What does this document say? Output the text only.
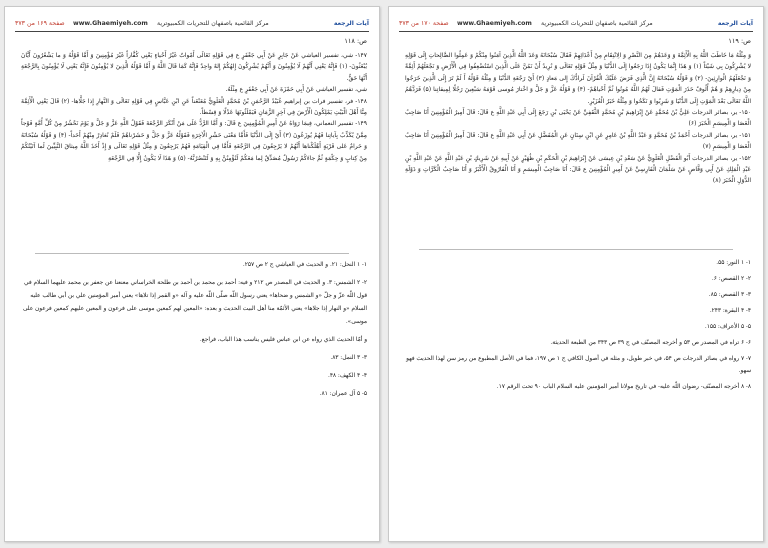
صفحة ۱۶۹ من ۳۷۳ www.Ghaemiyeh.com مركز القائمية باصفهان للتحريات الكمبيوترية	آيات الرجعة
ص: ۱۱۸

۱۴۷- شي، تفسير العياشي عَنْ جَابِرٍ عَنْ أَبِي جَعْفَرٍ ع فِي قَوْلِهِ تَعَالَى أَمْواتٌ غَيْرُ أَحْياءٍ يَعْنِي كُفَّاراً غَيْرَ مُؤْمِنِينَ وَ أَمَّا قَوْلُهُ وَ ما يَشْعُرُونَ أَيَّانَ يُبْعَثُونَ- (۱) فَإِنَّهُ يَعْنِي أَنَّهُمْ لَا يُؤْمِنُونَ وَ أَنَّهُمْ يُشْرِكُونَ إِلهُكُمْ إِلهٌ واحِدٌ فَإِنَّهُ كَمَا قَالَ اللَّهُ وَ أَمَّا قَوْلُهُ الَّذِينَ لا يُؤْمِنُونَ فَإِنَّهُ يَعْنِي لَا يُؤْمِنُونَ بِالرَّجْعَةِ أَنَّهَا حَقٌّ.

شي، تفسير العياشي عَنْ أَبِي حَمْزَةَ عَنْ أَبِي جَعْفَرٍ ع مِثْلَهُ.

۱۴۸- فر، تفسير فرات بن إبراهيم عُبَيْدُ الرَّحْمَنِ بْنُ مُحَمَّدٍ الْعَلَوِيُّ مُعَنْعَناً عَنِ ابْنِ عَبَّاسٍ فِي قَوْلِهِ تَعَالَى وَ النَّهارِ إِذا جَلَّاها- (۲) قَالَ يَعْنِي الْأَئِمَّةَ مِنَّا أَهْلَ الْبَيْتِ يَمْلِكُونَ الْأَرْضَ فِي آخِرِ الزَّمَانِ فَيَمْلَئُونَهَا عَدْلًا وَ قِسْطاً.

۱۴۹- تفسير النعماني، فِيمَا رَوَاهُ عَنْ أَمِيرِ الْمُؤْمِنِينَ ع قَالَ: وَ أَمَّا الرَّدُّ عَلَى مَنْ أَنْكَرَ الرَّجْعَةَ فَقَوْلُ اللَّهِ عَزَّ وَ جَلَّ وَ يَوْمَ نَحْشُرُ مِنْ كُلِّ أُمَّةٍ فَوْجاً مِمَّنْ يُكَذِّبُ بِآياتِنا فَهُمْ يُوزَعُونَ (۳) أَيْ إِلَى الدُّنْيَا فَأَمَّا مَعْنَى حَشْرِ الْآخِرَةِ فَقَوْلُهُ عَزَّ وَ جَلَّ وَ حَشَرْناهُمْ فَلَمْ نُغادِرْ مِنْهُمْ أَحَداً- (۴) وَ قَوْلُهُ سُبْحَانَهُ وَ حَرامٌ عَلى قَرْيَةٍ أَهْلَكْناها أَنَّهُمْ لا يَرْجِعُونَ فِي الرَّجْعَةِ فَأَمَّا فِي الْقِيَامَةِ فَهُمْ يَرْجِعُونَ وَ مِثْلُ قَوْلِهِ تَعَالَى وَ إِذْ أَخَذَ اللَّهُ مِيثاقَ النَّبِيِّينَ لَما آتَيْتُكُمْ مِنْ كِتابٍ وَ حِكْمَةٍ ثُمَّ جاءَكُمْ رَسُولٌ مُصَدِّقٌ لِما مَعَكُمْ لَتُؤْمِنُنَّ بِهِ وَ لَتَنْصُرُنَّهُ- (۵) وَ هَذَا لَا يَكُونُ إِلَّا فِي الرَّجْعَةِ

۱- ۱ النحل: ۲۱. و الحديث في العياشي ج ۲ ص ۲۵۷.

۲- ۲ الشمس: ۳. و الحديث في المصدر ص ۲۱۲ و فيه: أحمد بن محمد بن أحمد بن طلحة الخراساني معنعنا عن جعفر بن محمد عليهما السلام في قول اللّه عزّ و جلّ «و الشمس و ضحاها» يعني رسول اللّه صلّى اللّه عليه و آله «و القمر إذا تلاها» يعني أمير المؤمنين علي بن أبي طالب عليه السلام «و النهار إذا جلاها» يعني الأئمّة منا أهل البيت الحديث و بعده: «المعين لهم كمعين موسى على فرعون و المعين عليهم كمعين فرعون على موسى».

و أمّا الحديث الذي رواه عن ابن عباس فليس يناسب هذا الباب، فراجع.

۳- ۳ النمل: ۸۳.

۴- ۴ الكهف: ۴۸.

۵- ۵ آل عمران: ۸۱.

صفحة ۱۷۰ من ۳۷۳ www.Ghaemiyeh.com مركز القائمية باصفهان للتحريات الكمبيوترية	آيات الرجعة
ص: ۱۱۹

وَ مِثْلُهُ مَا خَاطَبَ اللَّهُ بِهِ الْأَئِمَّةَ وَ وَعَدَهُمْ مِنَ النَّصْرِ وَ الِانْتِقَامِ مِنْ أَعْدَائِهِمْ فَقَالَ سُبْحَانَهُ وَعَدَ اللَّهُ الَّذِينَ آمَنُوا مِنْكُمْ وَ عَمِلُوا الصَّالِحاتِ إِلَى قَوْلِهِ لا يُشْرِكُونَ بِي شَيْئاً (۱) وَ هَذَا إِنَّمَا يَكُونُ إِذَا رَجَعُوا إِلَى الدُّنْيَا وَ مِثْلُ قَوْلِهِ تَعَالَى وَ نُرِيدُ أَنْ نَمُنَّ عَلَى الَّذِينَ اسْتُضْعِفُوا فِي الْأَرْضِ وَ نَجْعَلَهُمْ أَئِمَّةً وَ نَجْعَلَهُمُ الْوارِثِينَ- (۲) وَ قَوْلُهُ سُبْحَانَهُ إِنَّ الَّذِي فَرَضَ عَلَيْكَ الْقُرْآنَ لَرادُّكَ إِلى مَعادٍ (۳) أَيْ رَجْعَةِ الدُّنْيَا وَ مِثْلُهُ قَوْلُهُ أَ لَمْ تَرَ إِلَى الَّذِينَ خَرَجُوا مِنْ دِيارِهِمْ وَ هُمْ أُلُوفٌ حَذَرَ الْمَوْتِ فَقالَ لَهُمُ اللَّهُ مُوتُوا ثُمَّ أَحْياهُمْ- (۴) وَ قَوْلُهُ عَزَّ وَ جَلَّ وَ اخْتارَ مُوسى قَوْمَهُ سَبْعِينَ رَجُلًا لِمِيقاتِنا (۵) فَرَدَّهُمُ اللَّهُ تَعَالَى بَعْدَ الْمَوْتِ إِلَى الدُّنْيَا وَ شَرِبُوا وَ نَكَحُوا وَ مِثْلُهُ خَبَرُ الْعُزَيْرِ.

۱۵۰- ير، بصائر الدرجات عَلِيُّ بْنُ مُحَمَّدٍ عَنْ إِبْرَاهِيمَ بْنِ مُحَمَّدٍ الثَّقَفِيِّ عَنْ يَحْيَى بْنِ رَجَعَ إِلَى أَبِي عَبْدِ اللَّهِ ع قَالَ: قَالَ أَمِيرُ الْمُؤْمِنِينَ أَنَا صَاحِبُ الْعَصَا وَ الْمِيسَمِ الْخَبَرَ (۶)

۱۵۱- ير، بصائر الدرجات أَحْمَدُ بْنُ مُحَمَّدٍ وَ عَبْدُ اللَّهِ بْنُ عَامِرٍ عَنِ ابْنِ سِنَانٍ عَنِ الْمُفَضَّلِ عَنْ أَبِي عَبْدِ اللَّهِ ع قَالَ: قَالَ أَمِيرُ الْمُؤْمِنِينَ أَنَا صَاحِبُ الْعَصَا وَ الْمِيسَمِ (۷)

۱۵۲- ير، بصائر الدرجات أَبُو الْفَضْلِ الْعَلَوِيُّ عَنْ سَعْدِ بْنِ عِيسَى عَنْ إِبْرَاهِيمَ بْنِ الْحَكَمِ بْنِ ظُهَيْرٍ عَنْ أَبِيهِ عَنْ شَرِيكٍ بْنِ عَبْدِ اللَّهِ عَنْ عَبْدِ اللَّهِ بْنِ عَبْدِ الْمَلِكِ عَنْ أَبِي وَقَّاصٍ عَنْ سَلْمَانَ الْفَارِسِيِّ عَنْ أَمِيرِ الْمُؤْمِنِينَ ع قَالَ: أَنَا صَاحِبُ الْمِيسَمِ وَ أَنَا الْفَارُوقُ الْأَكْبَرُ وَ أَنَا صَاحِبُ الْكَرَّاتِ وَ دَوْلَةِ الدُّوَلِ الْخَبَرَ (۸)

۱- ۱ النور: ۵۵.

۲- ۲ القصص: ۶.

۳- ۳ القصص: ۸۵.

۴- ۴ البقرة: ۲۴۳.

۵- ۵ الأعراف: ۱۵۵.

۶- ۶ تراه في المصدر ص ۵۳ و أخرجه المصنّف في ج ۳۹ ص ۳۴۳ من الطبعة الحديثة.

۷- ۷ رواه في بصائر الدرجات ص ۵۴، في خبر طويل، و مثله في أصول الكافي ج ۱ ص ۱۹۷، فما في الأصل المطبوع من رمز سن لهذا الحديث فهو سهو.

۸- ۸ أخرجه المصنّف- رضوان اللّه عليه- في تاريخ مولانا أمير المؤمنين عليه السلام الباب ۹۰ تحت الرقم ۱۷.
